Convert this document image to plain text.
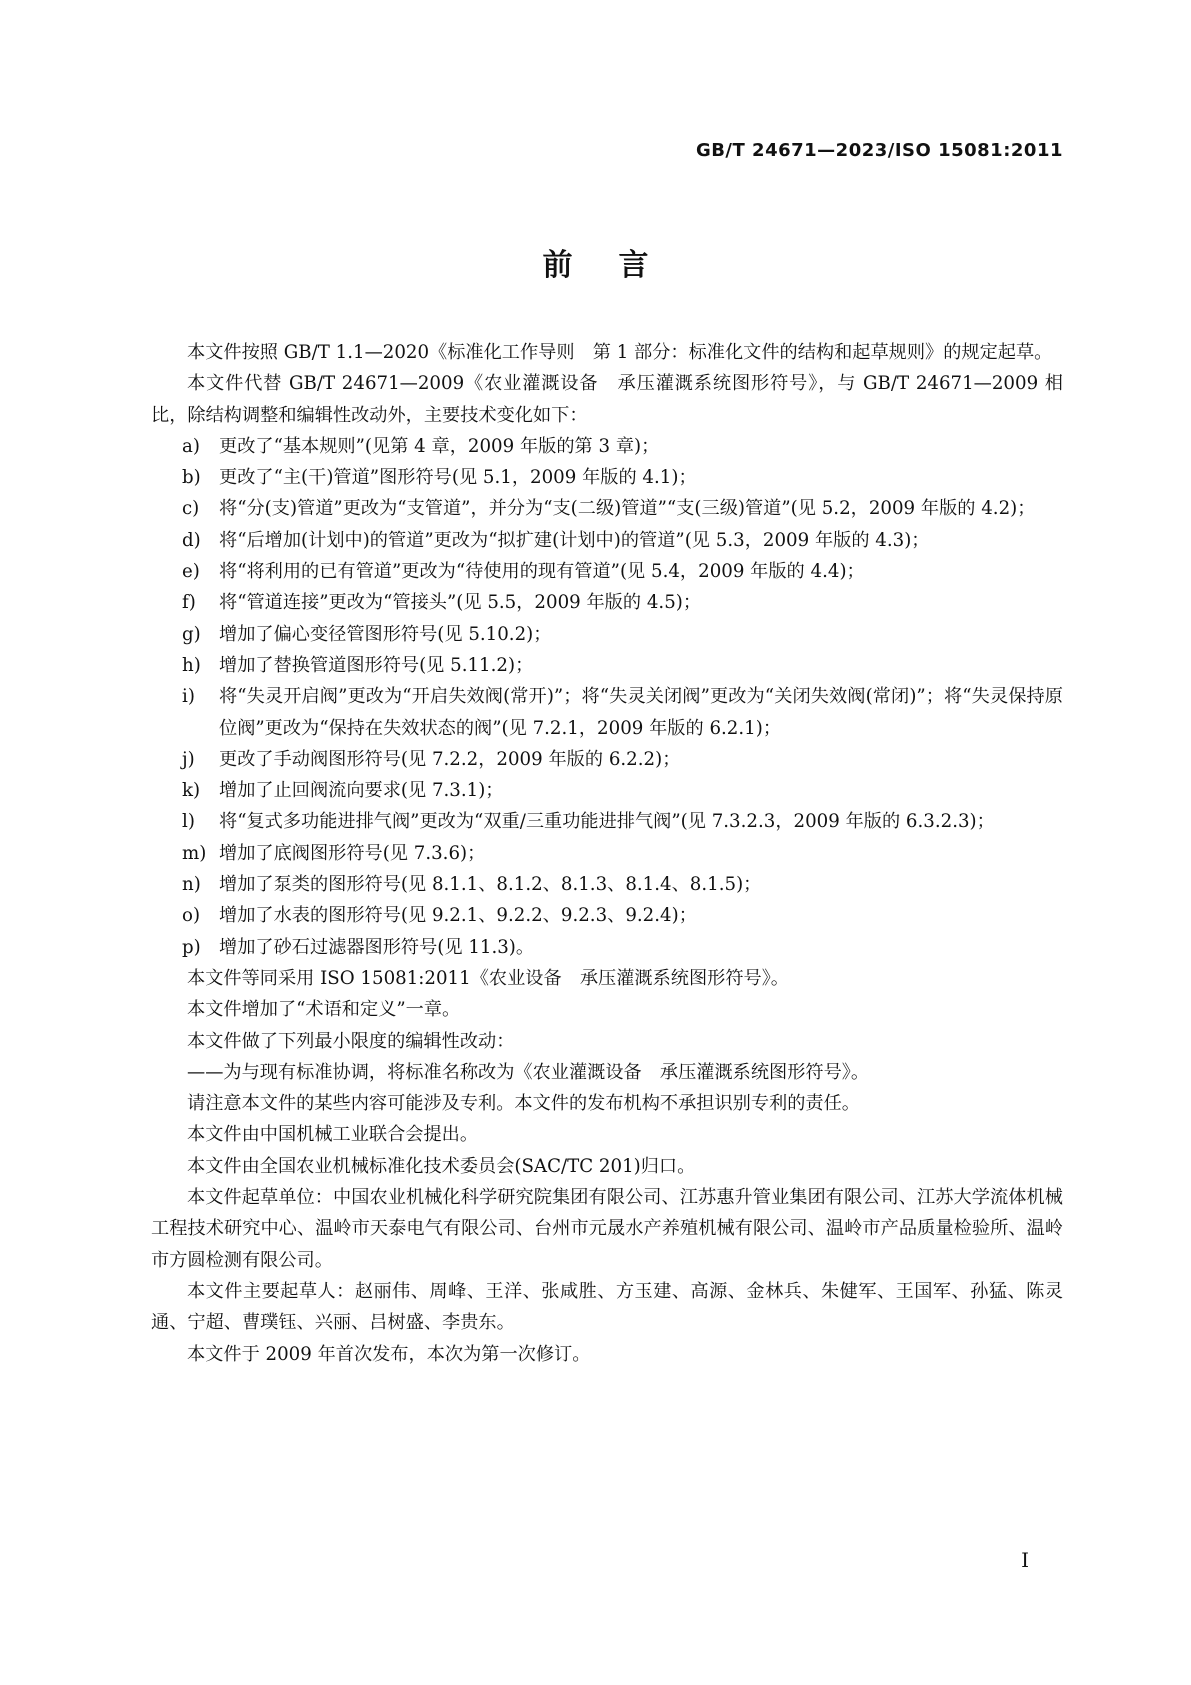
GB/T 24671—2023/ISO 15081:2011
前言

本文件按照 GB/T 1.1—2020《标准化工作导则　第 1 部分：标准化文件的结构和起草规则》的规定起草。

本文件代替 GB/T 24671—2009《农业灌溉设备　承压灌溉系统图形符号》，与 GB/T 24671—2009 相比，除结构调整和编辑性改动外，主要技术变化如下：

a)	更改了“基本规则”(见第 4 章，2009 年版的第 3 章)；

b)	更改了“主(干)管道”图形符号(见 5.1，2009 年版的 4.1)；

c)	将“分(支)管道”更改为“支管道”，并分为“支(二级)管道”“支(三级)管道”(见 5.2，2009 年版的 4.2)；

d)	将“后增加(计划中)的管道”更改为“拟扩建(计划中)的管道”(见 5.3，2009 年版的 4.3)；

e)	将“将利用的已有管道”更改为“待使用的现有管道”(见 5.4，2009 年版的 4.4)；

f)	将“管道连接”更改为“管接头”(见 5.5，2009 年版的 4.5)；

g)	增加了偏心变径管图形符号(见 5.10.2)；

h) 增加了替换管道图形符号(见 5.11.2)；

i)	将“失灵开启阀”更改为“开启失效阀(常开)”；将“失灵关闭阀”更改为“关闭失效阀(常闭)”；将“失灵保持原位阀”更改为“保持在失效状态的阀”(见 7.2.1，2009 年版的 6.2.1)；

j)	更改了手动阀图形符号(见 7.2.2，2009 年版的 6.2.2)；

k)	增加了止回阀流向要求(见 7.3.1)；

l)	将“复式多功能进排气阀”更改为“双重/三重功能进排气阀”(见 7.3.2.3，2009 年版的 6.3.2.3)；

m) 增加了底阀图形符号(见 7.3.6)；

n) 增加了泵类的图形符号(见 8.1.1、8.1.2、8.1.3、8.1.4、8.1.5)；

o)	增加了水表的图形符号(见 9.2.1、9.2.2、9.2.3、9.2.4)；

p)	增加了砂石过滤器图形符号(见 11.3)。

本文件等同采用 ISO 15081:2011《农业设备　承压灌溉系统图形符号》。

本文件增加了“术语和定义”一章。

本文件做了下列最小限度的编辑性改动：

——为与现有标准协调，将标准名称改为《农业灌溉设备　承压灌溉系统图形符号》。

请注意本文件的某些内容可能涉及专利。本文件的发布机构不承担识别专利的责任。

本文件由中国机械工业联合会提出。

本文件由全国农业机械标准化技术委员会(SAC/TC 201)归口。

本文件起草单位：中国农业机械化科学研究院集团有限公司、江苏惠升管业集团有限公司、江苏大学流体机械工程技术研究中心、温岭市天泰电气有限公司、台州市元晟水产养殖机械有限公司、温岭市产品质量检验所、温岭市方圆检测有限公司。

本文件主要起草人：赵丽伟、周峰、王洋、张咸胜、方玉建、高源、金林兵、朱健军、王国军、孙猛、陈灵通、宁超、曹璞钰、兴丽、吕树盛、李贵东。

本文件于 2009 年首次发布，本次为第一次修订。

I
